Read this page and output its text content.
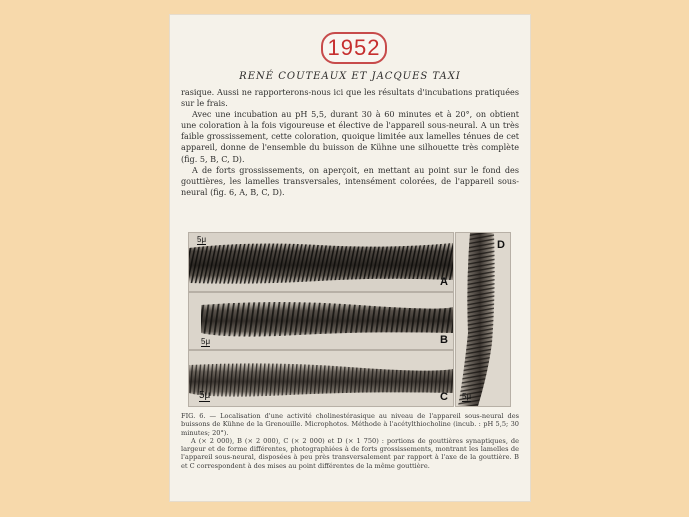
1952
RENÉ COUTEAUX ET JACQUES TAXI

rasique. Aussi ne rapporterons-nous ici que les résultats d'incubations pratiquées sur le frais.

Avec une incubation au pH 5,5, durant 30 à 60 minutes et à 20°, on obtient une coloration à la fois vigoureuse et élective de l'appareil sous-neural. A un très faible grossissement, cette coloration, quoique limitée aux lamelles ténues de cet appareil, donne de l'ensemble du buisson de Kühne une silhouette très complète (fig. 5, B, C, D).

A de forts grossissements, on aperçoit, en mettant au point sur le fond des gouttières, les lamelles transversales, intensément colorées, de l'appareil sous-neural (fig. 6, A, B, C, D).

A
5μ
B
5μ
C
5μ
D
5μ

FIG. 6. — Localisation d'une activité cholinestérasique au niveau de l'appareil sous-neural des buissons de Kühne de la Grenouille. Microphotos. Méthode à l'acétylthiocholine (incub. : pH 5,5; 30 minutes; 20°).

A (× 2 000), B (× 2 000), C (× 2 000) et D (× 1 750) : portions de gouttières synaptiques, de largeur et de forme différentes, photographiées à de forts grossissements, montrant les lamelles de l'appareil sous-neural, disposées à peu près transversalement par rapport à l'axe de la gouttière. B et C correspondent à des mises au point différentes de la même gouttière.
